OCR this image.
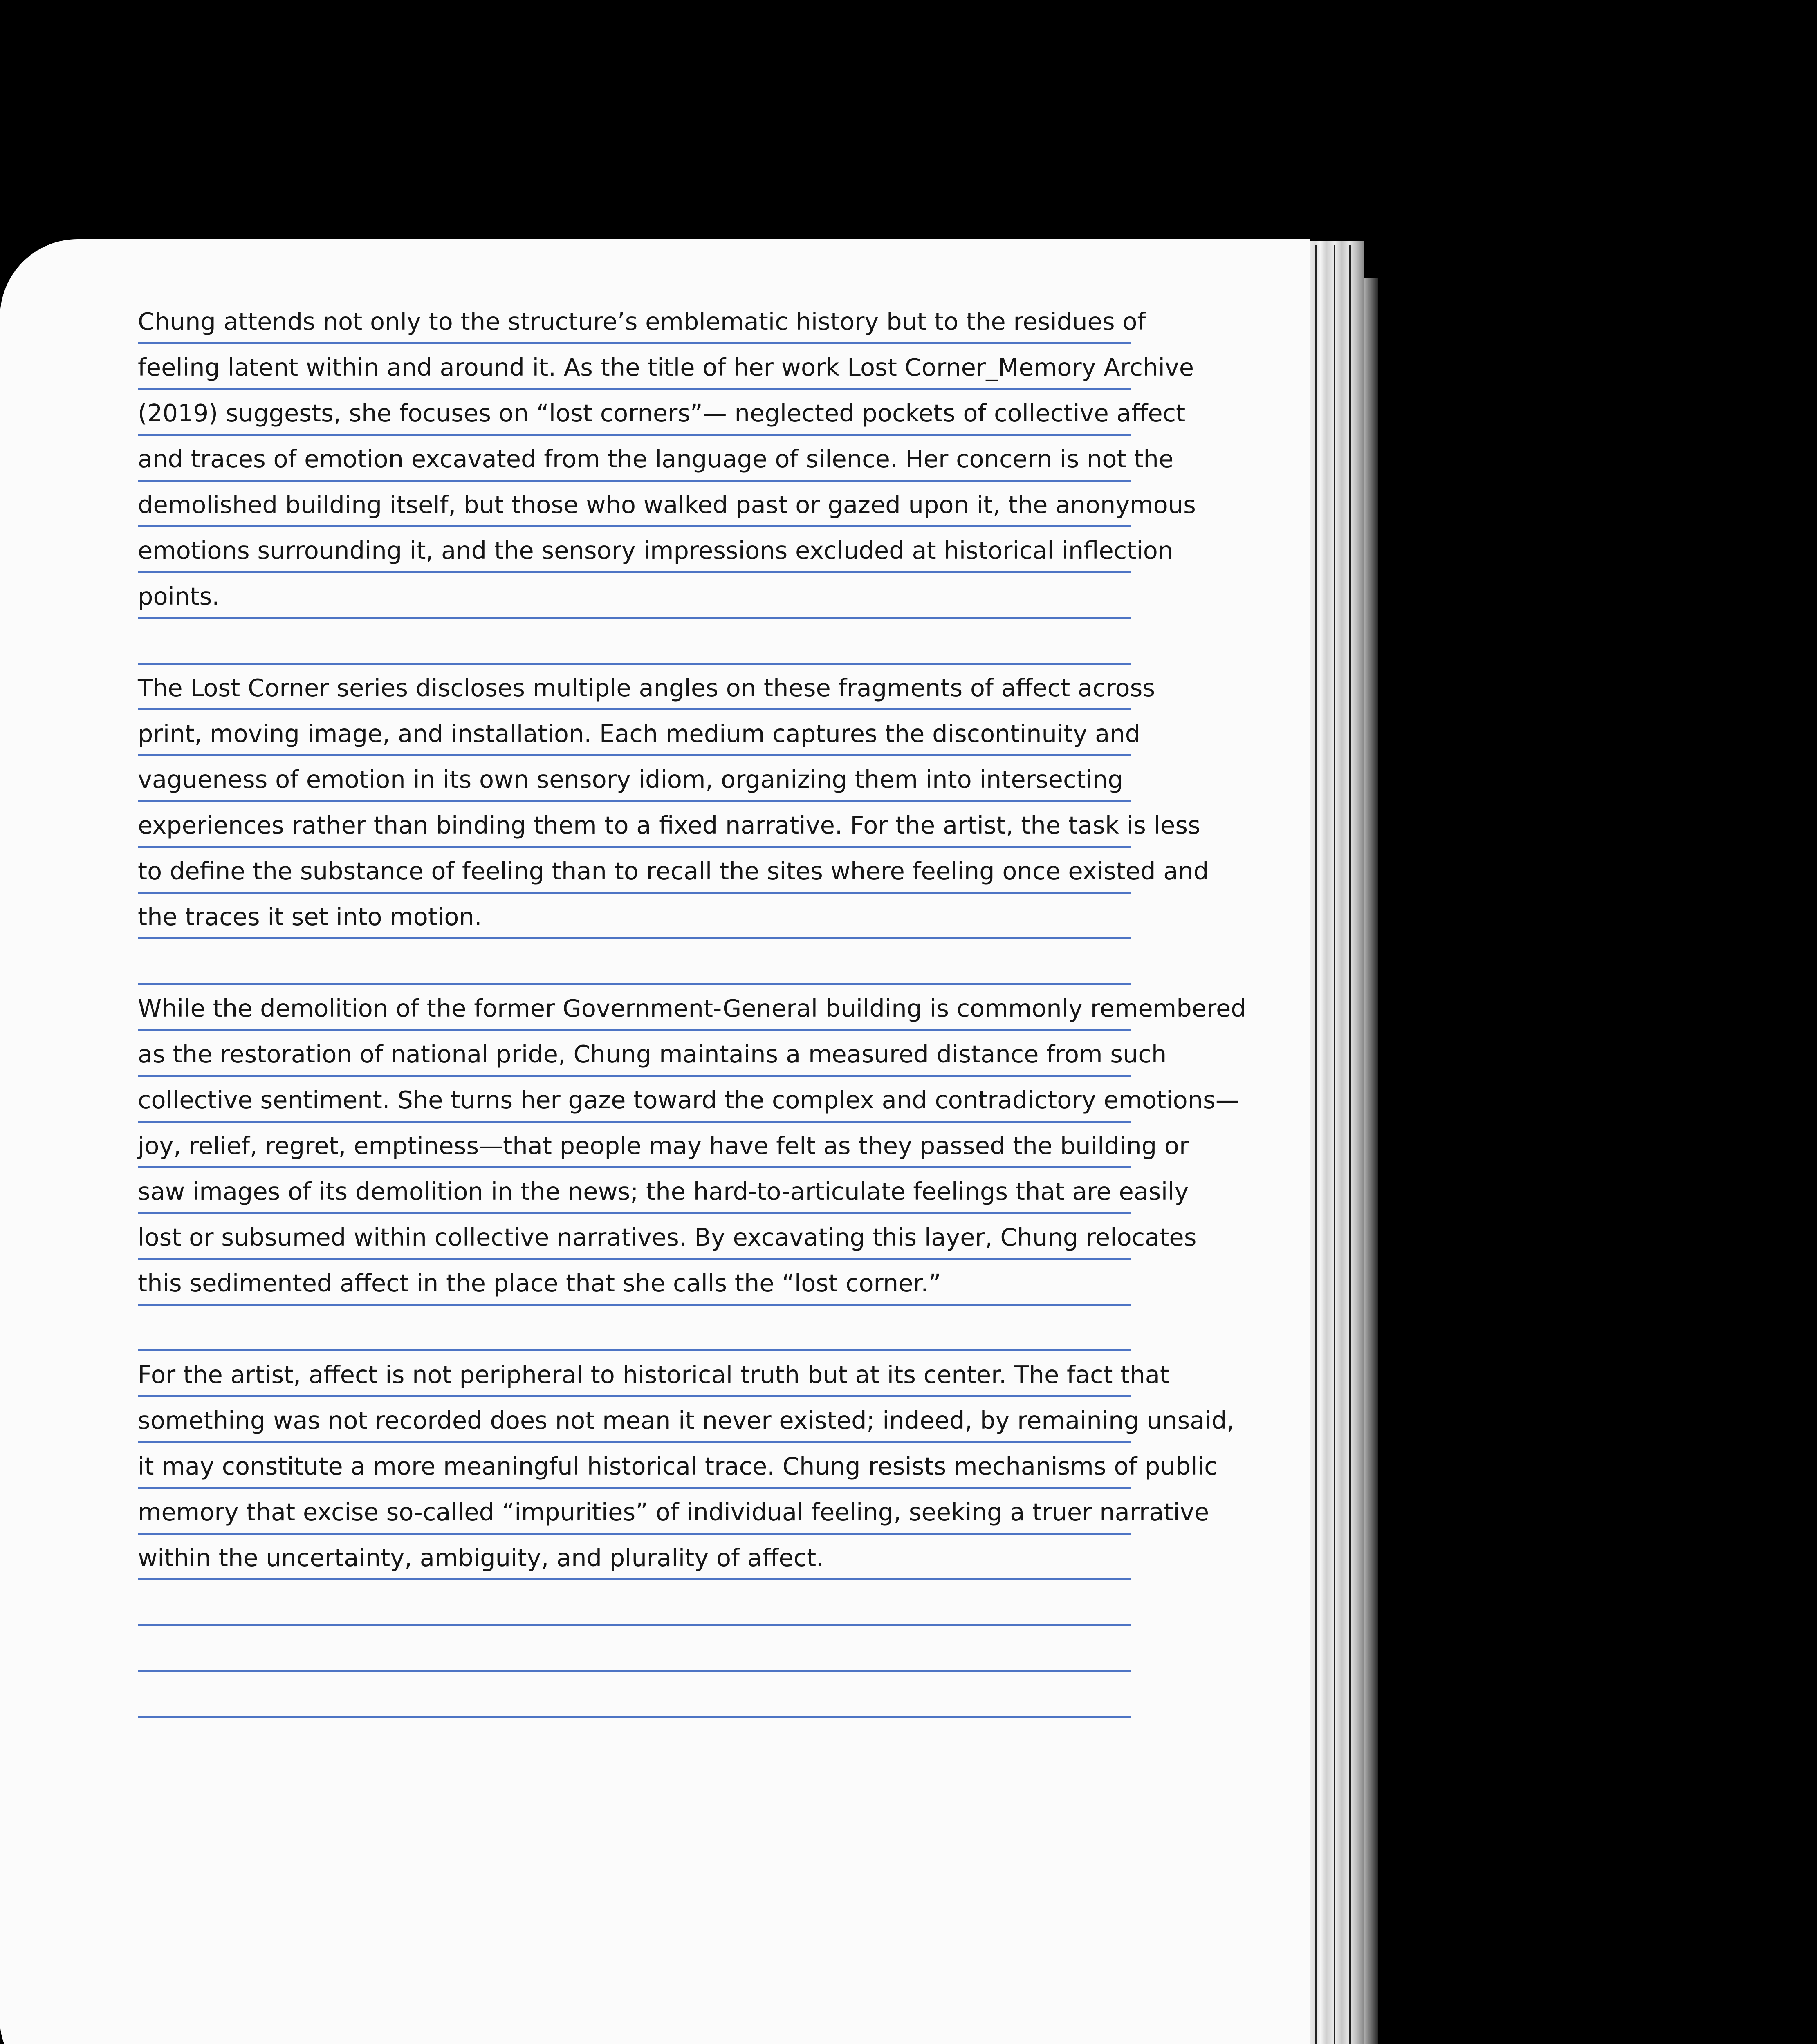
Chung attends not only to the structure’s emblematic history but to the residues of
feeling latent within and around it. As the title of her work Lost Corner_Memory Archive
(2019) suggests, she focuses on “lost corners”— neglected pockets of collective affect
and traces of emotion excavated from the language of silence. Her concern is not the
demolished building itself, but those who walked past or gazed upon it, the anonymous
emotions surrounding it, and the sensory impressions excluded at historical inflection
points.
The Lost Corner series discloses multiple angles on these fragments of affect across
print, moving image, and installation. Each medium captures the discontinuity and
vagueness of emotion in its own sensory idiom, organizing them into intersecting
experiences rather than binding them to a fixed narrative. For the artist, the task is less
to define the substance of feeling than to recall the sites where feeling once existed and
the traces it set into motion.
While the demolition of the former Government-General building is commonly remembered
as the restoration of national pride, Chung maintains a measured distance from such
collective sentiment. She turns her gaze toward the complex and contradictory emotions—
joy, relief, regret, emptiness—that people may have felt as they passed the building or
saw images of its demolition in the news; the hard-to-articulate feelings that are easily
lost or subsumed within collective narratives. By excavating this layer, Chung relocates
this sedimented affect in the place that she calls the “lost corner.”
For the artist, affect is not peripheral to historical truth but at its center. The fact that
something was not recorded does not mean it never existed; indeed, by remaining unsaid,
it may constitute a more meaningful historical trace. Chung resists mechanisms of public
memory that excise so-called “impurities” of individual feeling, seeking a truer narrative
within the uncertainty, ambiguity, and plurality of affect.
